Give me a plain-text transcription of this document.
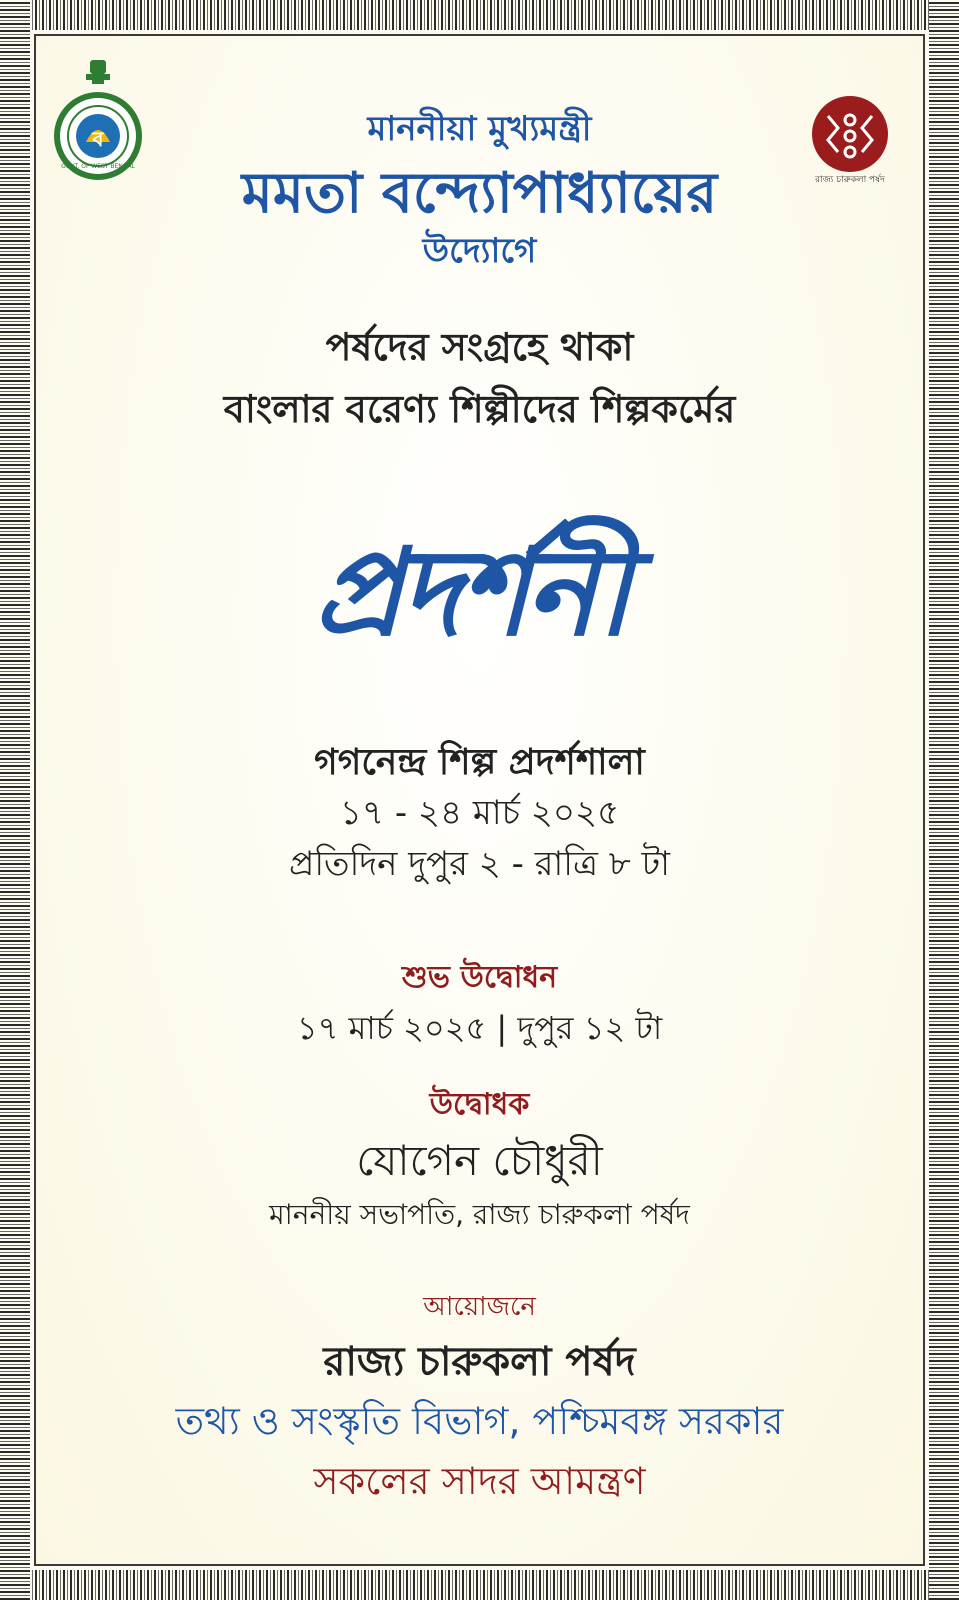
ব
GOVT. OF WEST BENGAL
রাজ্য চারুকলা পর্ষদ
মাননীয়া মুখ্যমন্ত্রী
মমতা বন্দ্যোপাধ্যায়ের
উদ্যোগে
পর্ষদের সংগ্রহে থাকা
বাংলার বরেণ্য শিল্পীদের শিল্পকর্মের
প্রদর্শনী
গগনেন্দ্র শিল্প প্রদর্শশালা
১৭ - ২৪ মার্চ ২০২৫
প্রতিদিন দুপুর ২ - রাত্রি ৮ টা
শুভ উদ্বোধন
১৭ মার্চ ২০২৫ | দুপুর ১২ টা
উদ্বোধক
যোগেন চৌধুরী
মাননীয় সভাপতি, রাজ্য চারুকলা পর্ষদ
আয়োজনে
রাজ্য চারুকলা পর্ষদ
তথ্য ও সংস্কৃতি বিভাগ, পশ্চিমবঙ্গ সরকার
সকলের সাদর আমন্ত্রণ
